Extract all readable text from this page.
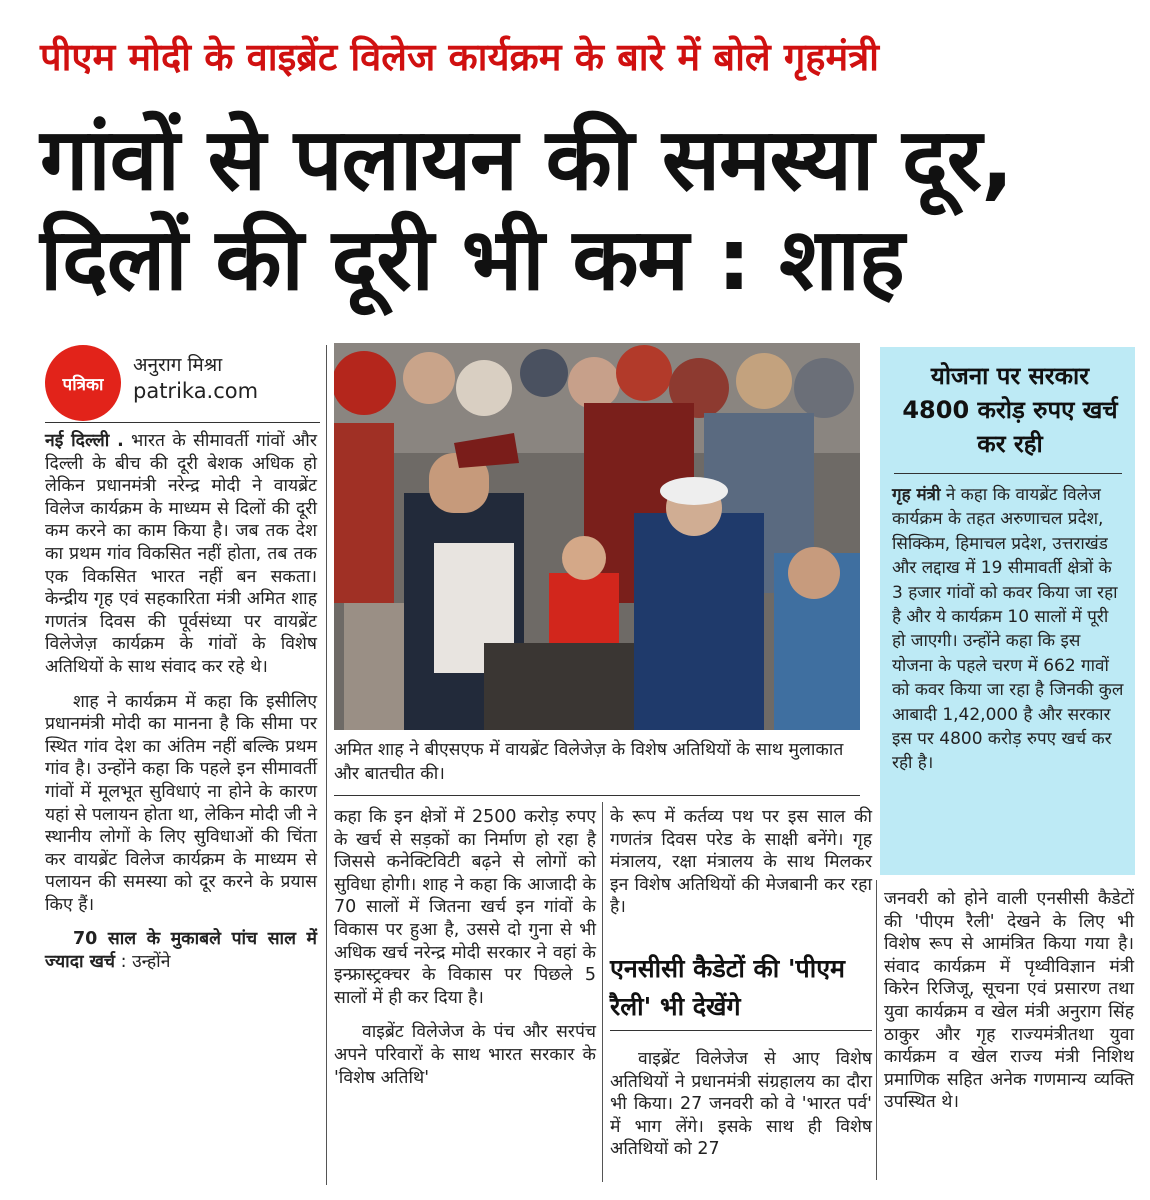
पीएम मोदी के वाइब्रेंट विलेज कार्यक्रम के बारे में बोले गृहमंत्री
गांवों से पलायन की समस्या दूर,
दिलों की दूरी भी कम : शाह
पत्रिका
अनुराग मिश्रा
patrika.com

नई दिल्ली . भारत के सीमावर्ती गांवों और दिल्ली के बीच की दूरी बेशक अधिक हो लेकिन प्रधानमंत्री नरेन्द्र मोदी ने वायब्रेंट विलेज कार्यक्रम के माध्यम से दिलों की दूरी कम करने का काम किया है। जब तक देश का प्रथम गांव विकसित नहीं होता, तब तक एक विकसित भारत नहीं बन सकता। केन्द्रीय गृह एवं सहकारिता मंत्री अमित शाह गणतंत्र दिवस की पूर्वसंध्या पर वायब्रेंट विलेजेज़ कार्यक्रम के गांवों के विशेष अतिथियों के साथ संवाद कर रहे थे।

शाह ने कार्यक्रम में कहा कि इसीलिए प्रधानमंत्री मोदी का मानना है कि सीमा पर स्थित गांव देश का अंतिम नहीं बल्कि प्रथम गांव है। उन्होंने कहा कि पहले इन सीमावर्ती गांवों में मूलभूत सुविधाएं ना होने के कारण यहां से पलायन होता था, लेकिन मोदी जी ने स्थानीय लोगों के लिए सुविधाओं की चिंता कर वायब्रेंट विलेज कार्यक्रम के माध्यम से पलायन की समस्या को दूर करने के प्रयास किए हैं।

70 साल के मुकाबले पांच साल में ज्यादा खर्च : उन्होंने

अमित शाह ने बीएसएफ में वायब्रेंट विलेजेज़ के विशेष अतिथियों के साथ मुलाकात और बातचीत की।

कहा कि इन क्षेत्रों में 2500 करोड़ रुपए के खर्च से सड़कों का निर्माण हो रहा है जिससे कनेक्टिविटी बढ़ने से लोगों को सुविधा होगी। शाह ने कहा कि आजादी के 70 सालों में जितना खर्च इन गांवों के विकास पर हुआ है, उससे दो गुना से भी अधिक खर्च नरेन्द्र मोदी सरकार ने वहां के इन्फ्रास्ट्रक्चर के विकास पर पिछले 5 सालों में ही कर दिया है।

वाइब्रेंट विलेजेज के पंच और सरपंच अपने परिवारों के साथ भारत सरकार के 'विशेष अतिथि'

के रूप में कर्तव्य पथ पर इस साल की गणतंत्र दिवस परेड के साक्षी बनेंगे। गृह मंत्रालय, रक्षा मंत्रालय के साथ मिलकर इन विशेष अतिथियों की मेजबानी कर रहा है।

एनसीसी कैडेटों की 'पीएम रैली' भी देखेंगे

वाइब्रेंट विलेजेज से आए विशेष अतिथियों ने प्रधानमंत्री संग्रहालय का दौरा भी किया। 27 जनवरी को वे 'भारत पर्व' में भाग लेंगे। इसके साथ ही विशेष अतिथियों को 27

योजना पर सरकार 4800 करोड़ रुपए खर्च कर रही
गृह मंत्री ने कहा कि वायब्रेंट विलेज कार्यक्रम के तहत अरुणाचल प्रदेश, सिक्किम, हिमाचल प्रदेश, उत्तराखंड और लद्दाख में 19 सीमावर्ती क्षेत्रों के 3 हजार गांवों को कवर किया जा रहा है और ये कार्यक्रम 10 सालों में पूरी हो जाएगी। उन्होंने कहा कि इस योजना के पहले चरण में 662 गावों को कवर किया जा रहा है जिनकी कुल आबादी 1,42,000 है और सरकार इस पर 4800 करोड़ रुपए खर्च कर रही है।

जनवरी को होने वाली एनसीसी कैडेटों की 'पीएम रैली' देखने के लिए भी विशेष रूप से आमंत्रित किया गया है। संवाद कार्यक्रम में पृथ्वीविज्ञान मंत्री किरेन रिजिजू, सूचना एवं प्रसारण तथा युवा कार्यक्रम व खेल मंत्री अनुराग सिंह ठाकुर और गृह राज्यमंत्रीतथा युवा कार्यक्रम व खेल राज्य मंत्री निशिथ प्रमाणिक सहित अनेक गणमान्य व्यक्ति उपस्थित थे।
